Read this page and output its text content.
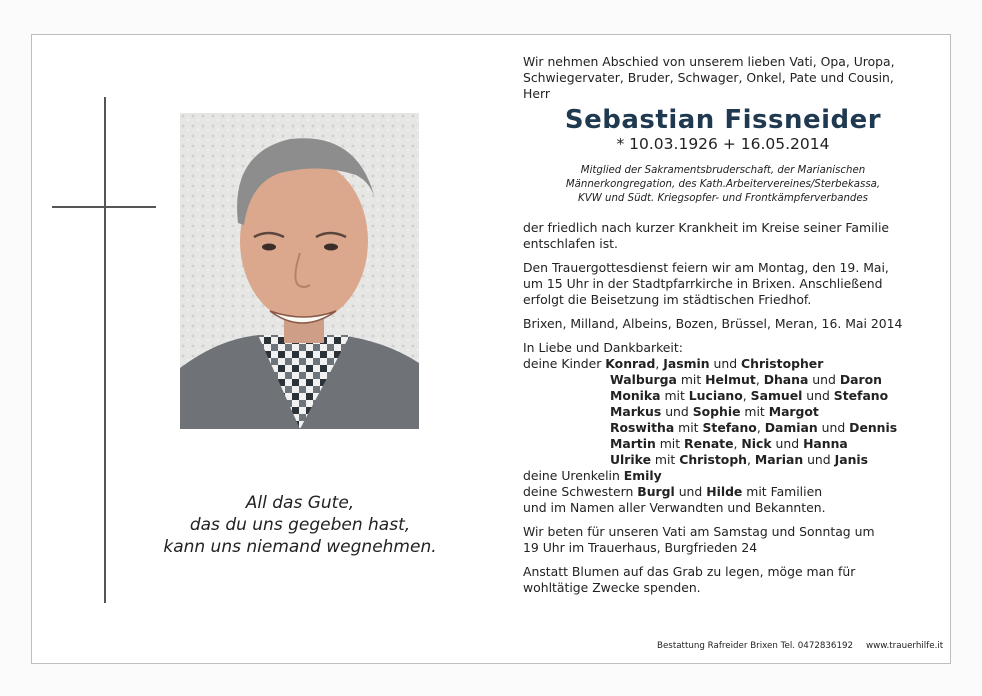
All das Gute,
das du uns gegeben hast,
kann uns niemand wegnehmen.

Wir nehmen Abschied von unserem lieben Vati, Opa, Uropa,

Schwiegervater, Bruder, Schwager, Onkel, Pate und Cousin,

Herr

Sebastian Fissneider

* 10.03.1926 + 16.05.2014

Mitglied der Sakramentsbruderschaft, der Marianischen
Männerkongregation, des Kath.Arbeitervereines/Sterbekassa,
KVW und Südt. Kriegsopfer- und Frontkämpferverbandes

der friedlich nach kurzer Krankheit im Kreise seiner Familie

entschlafen ist.

Den Trauergottesdienst feiern wir am Montag, den 19. Mai,

um 15 Uhr in der Stadtpfarrkirche in Brixen. Anschließend

erfolgt die Beisetzung im städtischen Friedhof.

Brixen, Milland, Albeins, Bozen, Brüssel, Meran, 16. Mai 2014

In Liebe und Dankbarkeit:

deine Kinder Konrad, Jasmin und Christopher
Walburga mit Helmut, Dhana und Daron
Monika mit Luciano, Samuel und Stefano
Markus und Sophie mit Margot
Roswitha mit Stefano, Damian und Dennis
Martin mit Renate, Nick und Hanna
Ulrike mit Christoph, Marian und Janis

deine Urenkelin Emily

deine Schwestern Burgl und Hilde mit Familien

und im Namen aller Verwandten und Bekannten.

Wir beten für unseren Vati am Samstag und Sonntag um

19 Uhr im Trauerhaus, Burgfrieden 24

Anstatt Blumen auf das Grab zu legen, möge man für

wohltätige Zwecke spenden.

Bestattung Rafreider Brixen Tel. 0472836192 www.trauerhilfe.it
